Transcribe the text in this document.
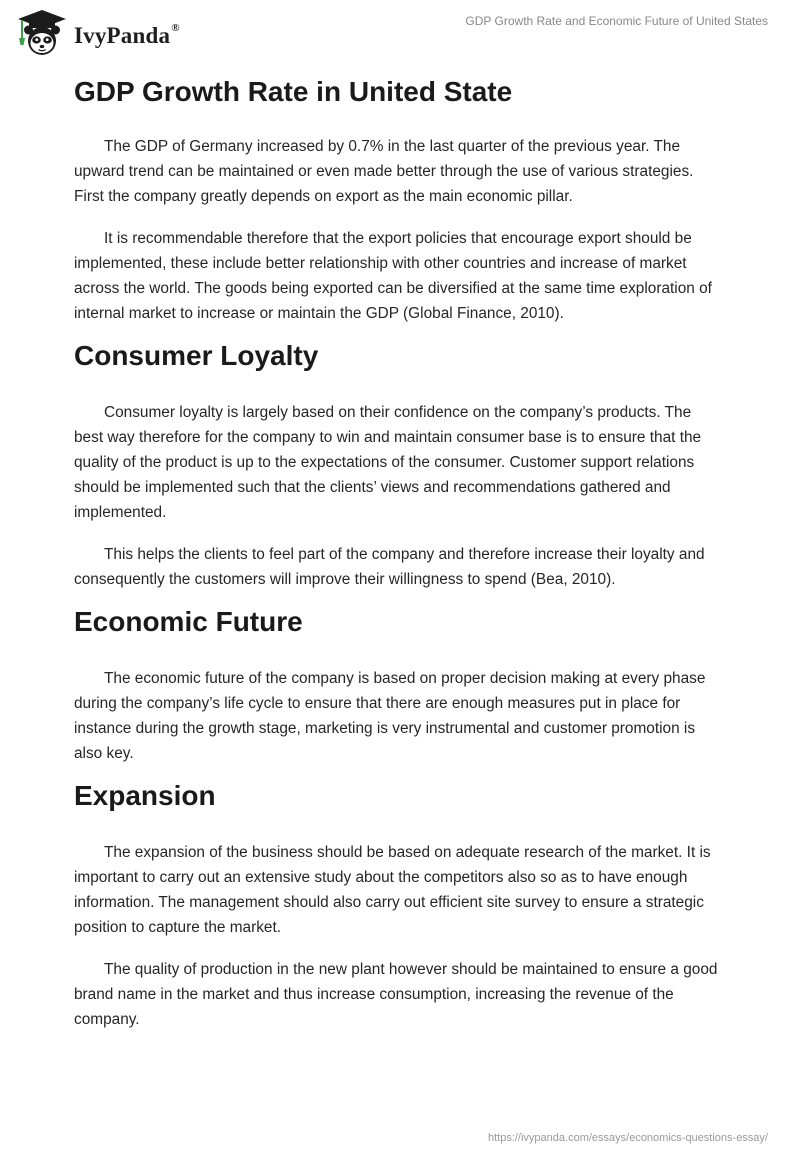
IvyPanda®	GDP Growth Rate and Economic Future of United States
GDP Growth Rate in United State

The GDP of Germany increased by 0.7% in the last quarter of the previous year. The upward trend can be maintained or even made better through the use of various strategies. First the company greatly depends on export as the main economic pillar.

It is recommendable therefore that the export policies that encourage export should be implemented, these include better relationship with other countries and increase of market across the world. The goods being exported can be diversified at the same time exploration of internal market to increase or maintain the GDP (Global Finance, 2010).

Consumer Loyalty

Consumer loyalty is largely based on their confidence on the company’s products. The best way therefore for the company to win and maintain consumer base is to ensure that the quality of the product is up to the expectations of the consumer. Customer support relations should be implemented such that the clients’ views and recommendations gathered and implemented.

This helps the clients to feel part of the company and therefore increase their loyalty and consequently the customers will improve their willingness to spend (Bea, 2010).

Economic Future

The economic future of the company is based on proper decision making at every phase during the company’s life cycle to ensure that there are enough measures put in place for instance during the growth stage, marketing is very instrumental and customer promotion is also key.

Expansion

The expansion of the business should be based on adequate research of the market. It is important to carry out an extensive study about the competitors also so as to have enough information. The management should also carry out efficient site survey to ensure a strategic position to capture the market.

The quality of production in the new plant however should be maintained to ensure a good brand name in the market and thus increase consumption, increasing the revenue of the company.

https://ivypanda.com/essays/economics-questions-essay/
